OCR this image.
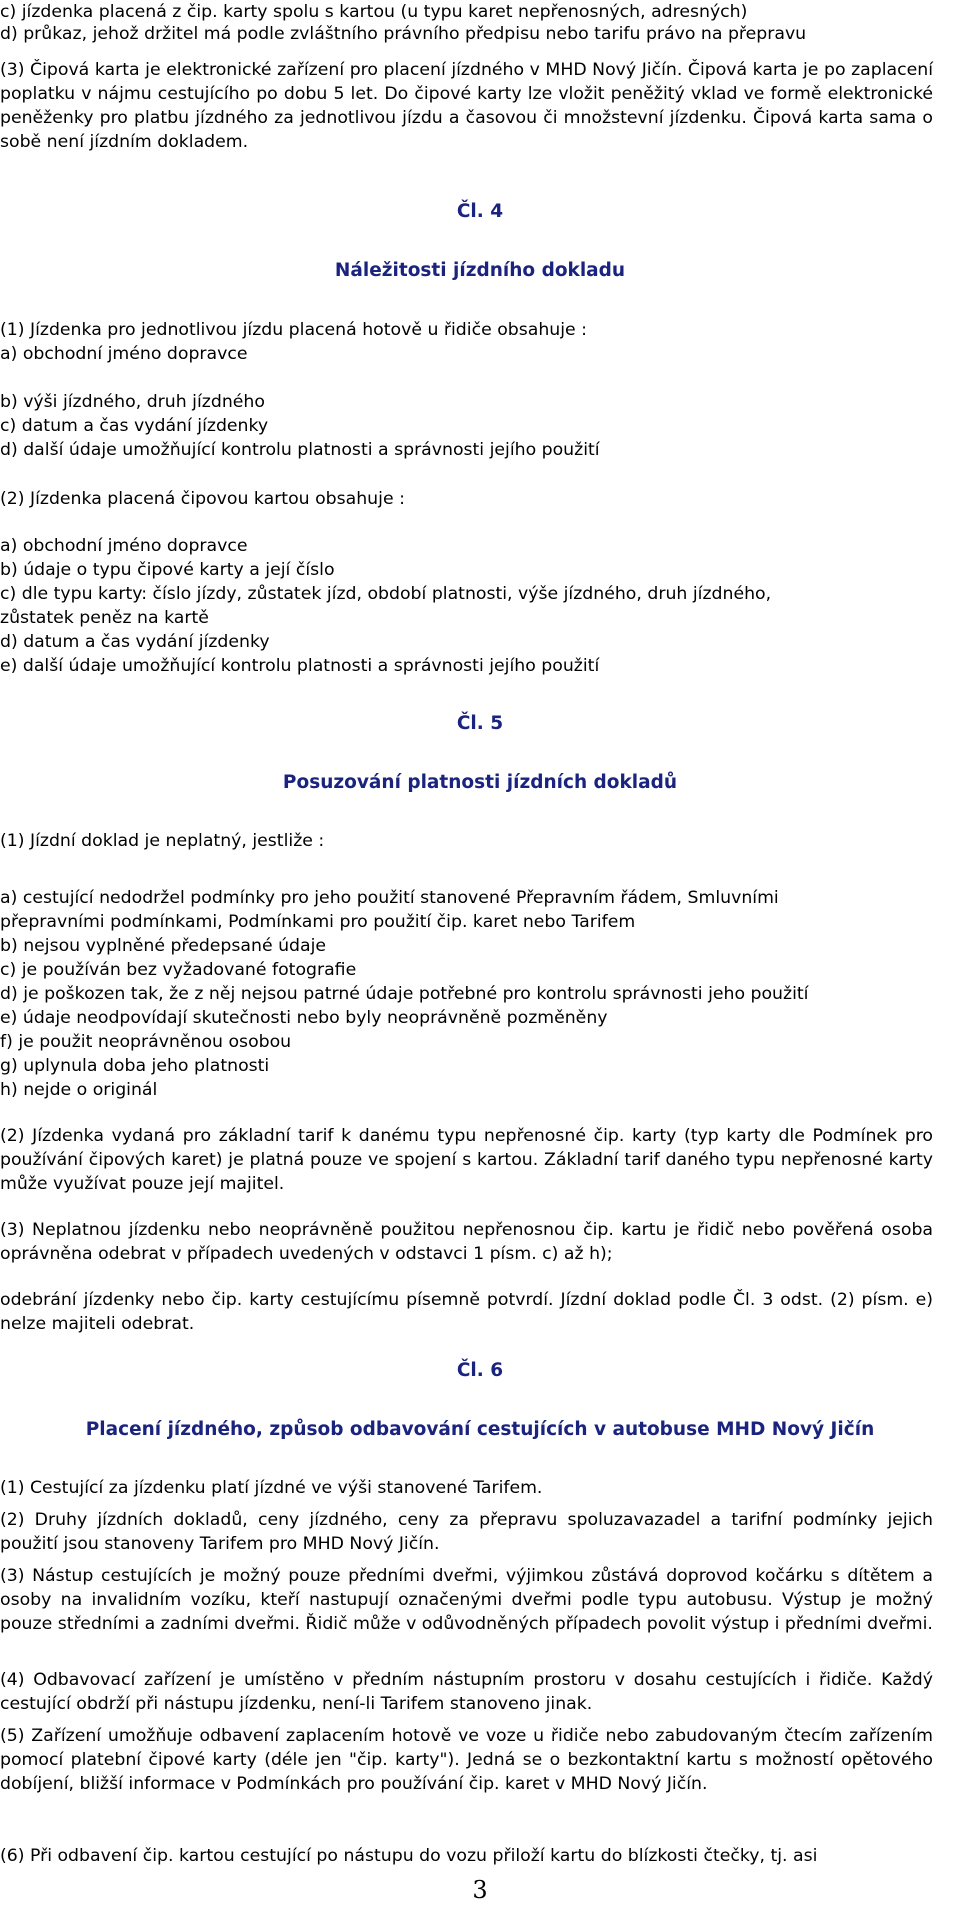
c) jízdenka placená z čip. karty spolu s kartou (u typu karet nepřenosných, adresných)
d) průkaz, jehož držitel má podle zvláštního právního předpisu nebo tarifu právo na přepravu
(3) Čipová karta je elektronické zařízení pro placení jízdného v MHD Nový Jičín. Čipová karta je po zaplacení poplatku v nájmu cestujícího po dobu 5 let. Do čipové karty lze vložit peněžitý vklad ve formě elektronické peněženky pro platbu jízdného za jednotlivou jízdu a časovou či množstevní jízdenku. Čipová karta sama o sobě není jízdním dokladem.
Čl. 4
Náležitosti jízdního dokladu
(1) Jízdenka pro jednotlivou jízdu placená hotově u řidiče obsahuje :
a) obchodní jméno dopravce
b) výši jízdného, druh jízdného
c) datum a čas vydání jízdenky
d) další údaje umožňující kontrolu platnosti a správnosti jejího použití
(2) Jízdenka placená čipovou kartou obsahuje :
a) obchodní jméno dopravce
b) údaje o typu čipové karty a její číslo
c) dle typu karty: číslo jízdy, zůstatek jízd, období platnosti, výše jízdného, druh jízdného,
zůstatek peněz na kartě
d) datum a čas vydání jízdenky
e) další údaje umožňující kontrolu platnosti a správnosti jejího použití
Čl. 5
Posuzování platnosti jízdních dokladů
(1) Jízdní doklad je neplatný, jestliže :
a) cestující nedodržel podmínky pro jeho použití stanovené Přepravním řádem, Smluvními
přepravními podmínkami, Podmínkami pro použití čip. karet nebo Tarifem
b) nejsou vyplněné předepsané údaje
c) je používán bez vyžadované fotografie
d) je poškozen tak, že z něj nejsou patrné údaje potřebné pro kontrolu správnosti jeho použití
e) údaje neodpovídají skutečnosti nebo byly neoprávněně pozměněny
f) je použit neoprávněnou osobou
g) uplynula doba jeho platnosti
h) nejde o originál
(2) Jízdenka vydaná pro základní tarif k danému typu nepřenosné čip. karty (typ karty dle Podmínek pro používání čipových karet) je platná pouze ve spojení s kartou. Základní tarif daného typu nepřenosné karty může využívat pouze její majitel.
(3) Neplatnou jízdenku nebo neoprávněně použitou nepřenosnou čip. kartu je řidič nebo pověřená osoba oprávněna odebrat v případech uvedených v odstavci 1 písm. c) až h);
odebrání jízdenky nebo čip. karty cestujícímu písemně potvrdí. Jízdní doklad podle Čl. 3 odst. (2) písm. e) nelze majiteli odebrat.
Čl. 6
Placení jízdného, způsob odbavování cestujících v autobuse MHD Nový Jičín
(1) Cestující za jízdenku platí jízdné ve výši stanovené Tarifem.
(2) Druhy jízdních dokladů, ceny jízdného, ceny za přepravu spoluzavazadel a tarifní podmínky jejich použití jsou stanoveny Tarifem pro MHD Nový Jičín.
(3) Nástup cestujících je možný pouze předními dveřmi, výjimkou zůstává doprovod kočárku s dítětem a osoby na invalidním vozíku, kteří nastupují označenými dveřmi podle typu autobusu. Výstup je možný pouze středními a zadními dveřmi. Řidič může v odůvodněných případech povolit výstup i předními dveřmi.
(4) Odbavovací zařízení je umístěno v předním nástupním prostoru v dosahu cestujících i řidiče. Každý cestující obdrží při nástupu jízdenku, není-li Tarifem stanoveno jinak.
(5) Zařízení umožňuje odbavení zaplacením hotově ve voze u řidiče nebo zabudovaným čtecím zařízením pomocí platební čipové karty (déle jen "čip. karty"). Jedná se o bezkontaktní kartu s možností opětového dobíjení, bližší informace v Podmínkách pro používání čip. karet v MHD Nový Jičín.
(6) Při odbavení čip. kartou cestující po nástupu do vozu přiloží kartu do blízkosti čtečky, tj. asi
3
